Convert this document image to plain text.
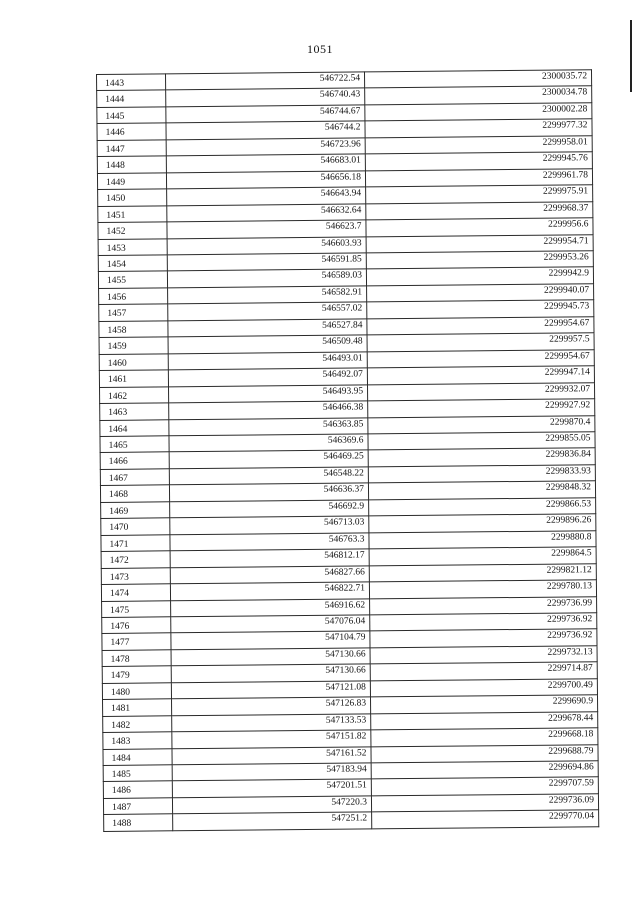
1051
1443	546722.54	2300035.72
1444	546740.43	2300034.78
1445	546744.67	2300002.28
1446	546744.2	2299977.32
1447	546723.96	2299958.01
1448	546683.01	2299945.76
1449	546656.18	2299961.78
1450	546643.94	2299975.91
1451	546632.64	2299968.37
1452	546623.7	2299956.6
1453	546603.93	2299954.71
1454	546591.85	2299953.26
1455	546589.03	2299942.9
1456	546582.91	2299940.07
1457	546557.02	2299945.73
1458	546527.84	2299954.67
1459	546509.48	2299957.5
1460	546493.01	2299954.67
1461	546492.07	2299947.14
1462	546493.95	2299932.07
1463	546466.38	2299927.92
1464	546363.85	2299870.4
1465	546369.6	2299855.05
1466	546469.25	2299836.84
1467	546548.22	2299833.93
1468	546636.37	2299848.32
1469	546692.9	2299866.53
1470	546713.03	2299896.26
1471	546763.3	2299880.8
1472	546812.17	2299864.5
1473	546827.66	2299821.12
1474	546822.71	2299780.13
1475	546916.62	2299736.99
1476	547076.04	2299736.92
1477	547104.79	2299736.92
1478	547130.66	2299732.13
1479	547130.66	2299714.87
1480	547121.08	2299700.49
1481	547126.83	2299690.9
1482	547133.53	2299678.44
1483	547151.82	2299668.18
1484	547161.52	2299688.79
1485	547183.94	2299694.86
1486	547201.51	2299707.59
1487	547220.3	2299736.09
1488	547251.2	2299770.04
